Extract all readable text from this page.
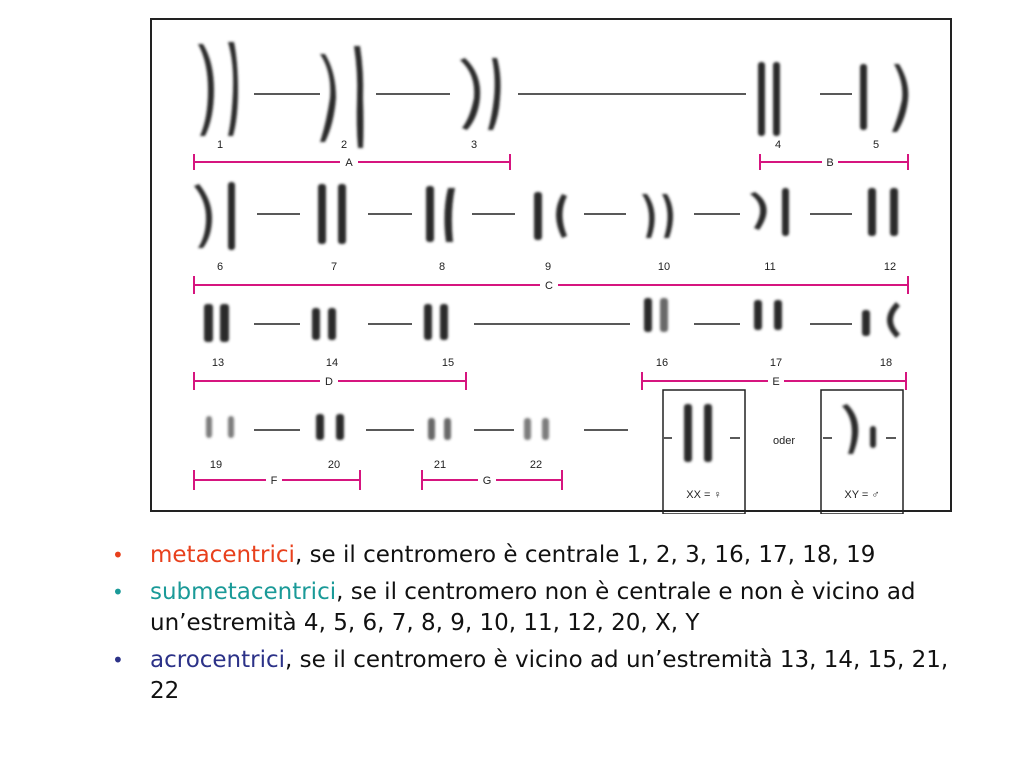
1	2	3	4	5
6	7	8	9	10	11	12
13	14	15	16	17	18
19	20	21	22
A	B
C
D	E
F	G
oder
XX = ♀	XY = ♂
• metacentrici, se il centromero è centrale 1, 2, 3, 16, 17, 18, 19
• submetacentrici, se il centromero non è centrale e non è vicino ad un’estremità 4, 5, 6, 7, 8, 9, 10, 11, 12, 20, X, Y
• acrocentrici, se il centromero è vicino ad un’estremità 13, 14, 15, 21, 22
